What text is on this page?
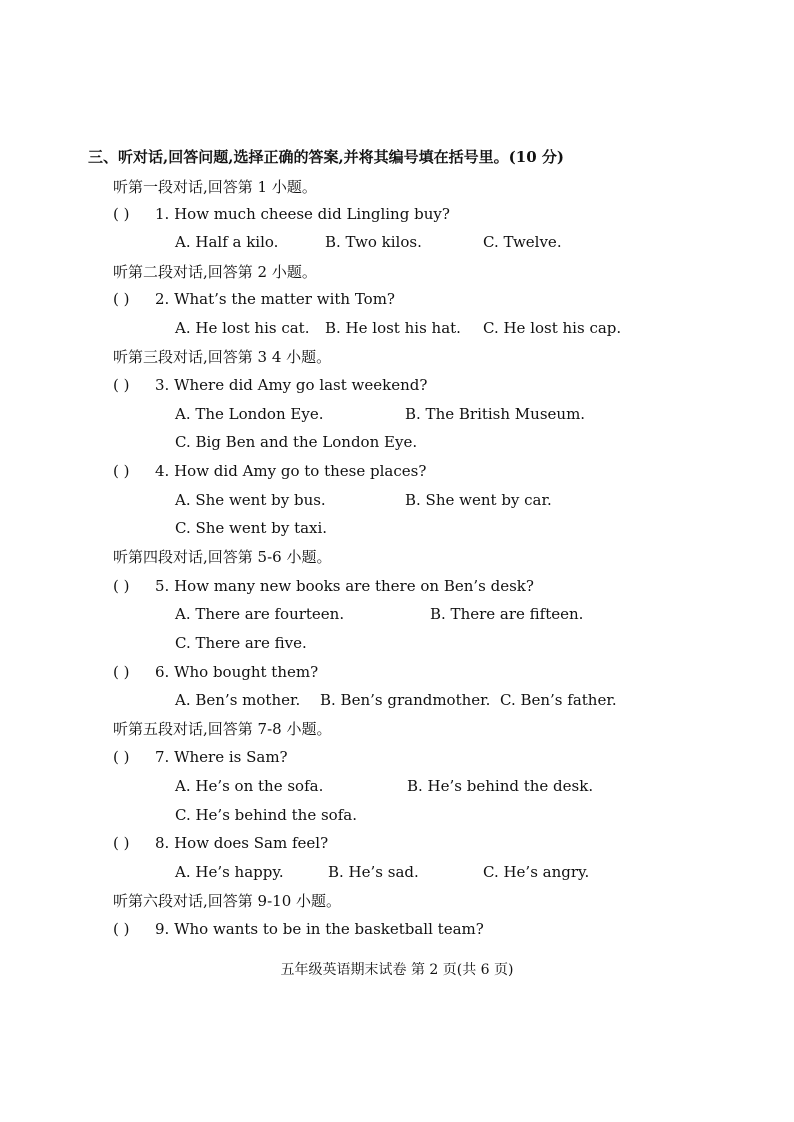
三、听对话,回答问题,选择正确的答案,并将其编号填在括号里。(10 分)
听第一段对话,回答第 1 小题。
( ) 1. How much cheese did Lingling buy?
A. Half a kilo.	B. Two kilos.	C. Twelve.
听第二段对话,回答第 2 小题。
( ) 2. What’s the matter with Tom?
A. He lost his cat. B. He lost his hat. C. He lost his cap.
听第三段对话,回答第 3 4 小题。
( ) 3. Where did Amy go last weekend?
A. The London Eye.	B. The British Museum.
C. Big Ben and the London Eye.
( ) 4. How did Amy go to these places?
A. She went by bus.	B. She went by car.
C. She went by taxi.
听第四段对话,回答第 5-6 小题。
( ) 5. How many new books are there on Ben’s desk?
A. There are fourteen.	B. There are fifteen.
C. There are five.
( ) 6. Who bought them?
A. Ben’s mother. B. Ben’s grandmother. C. Ben’s father.
听第五段对话,回答第 7-8 小题。
( ) 7. Where is Sam?
A. He’s on the sofa.	B. He’s behind the desk.
C. He’s behind the sofa.
( ) 8. How does Sam feel?
A. He’s happy.	B. He’s sad.	C. He’s angry.
听第六段对话,回答第 9-10 小题。
( ) 9. Who wants to be in the basketball team?
五年级英语期末试卷 第 2 页(共 6 页)
